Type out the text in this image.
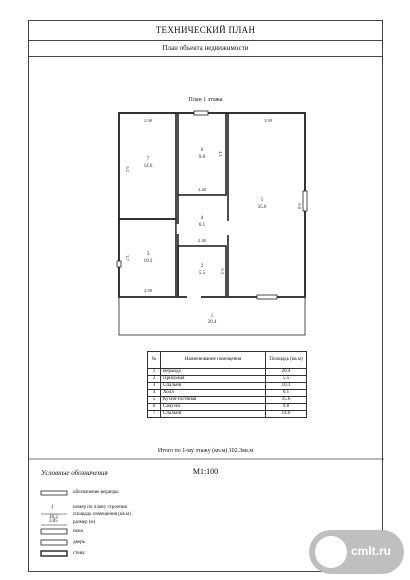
ТЕХНИЧЕСКИЙ ПЛАН
План объекта недвижимости
План 1 этажа
7
14.6
6
9.8
5
35.6
4
6.1
3
10.3
2
5.5
1
20.4
2.90	3.99
2.40
2.40
2.90
5.2
4.1
9.0
3.7
2.3
№	Наименование помещения	Площадь (кв.м)
1	Веранда	20.4
2	Прихожая	5.5
3	Спальня	10.3
4	Холл	6.1
5	Кухня-гостиная	35.6
6	Санузел	9.8
7	Спальня	14.6
Итого по 1-му этажу (кв.м) 102.3кв.м
М1:100
Условные обозначения
обозначение веранды
1
18.3
номер по плану строения
площадь помещения (кв.м)
3.05	размер (м)
окно
дверь
стена	cmlt.ru
